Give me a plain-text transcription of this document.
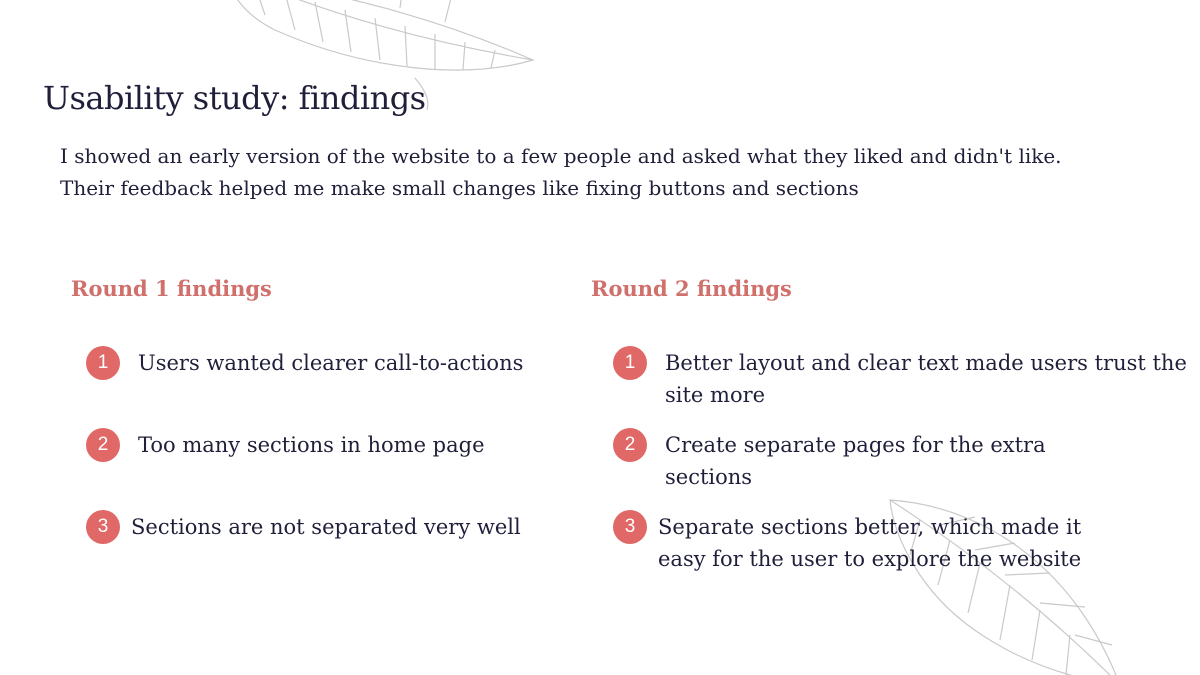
Usability study: findings

I showed an early version of the website to a few people and asked what they liked and didn't like. Their feedback helped me make small changes like fixing buttons and sections

Round 1 findings	Round 2 findings
1	Users wanted clearer call-to-actions
2	Too many sections in home page
3	Sections are not separated very well
1	Better layout and clear text made users trust the site more
2	Create separate pages for the extra sections
3	Separate sections better, which made it easy for the user to explore the website
